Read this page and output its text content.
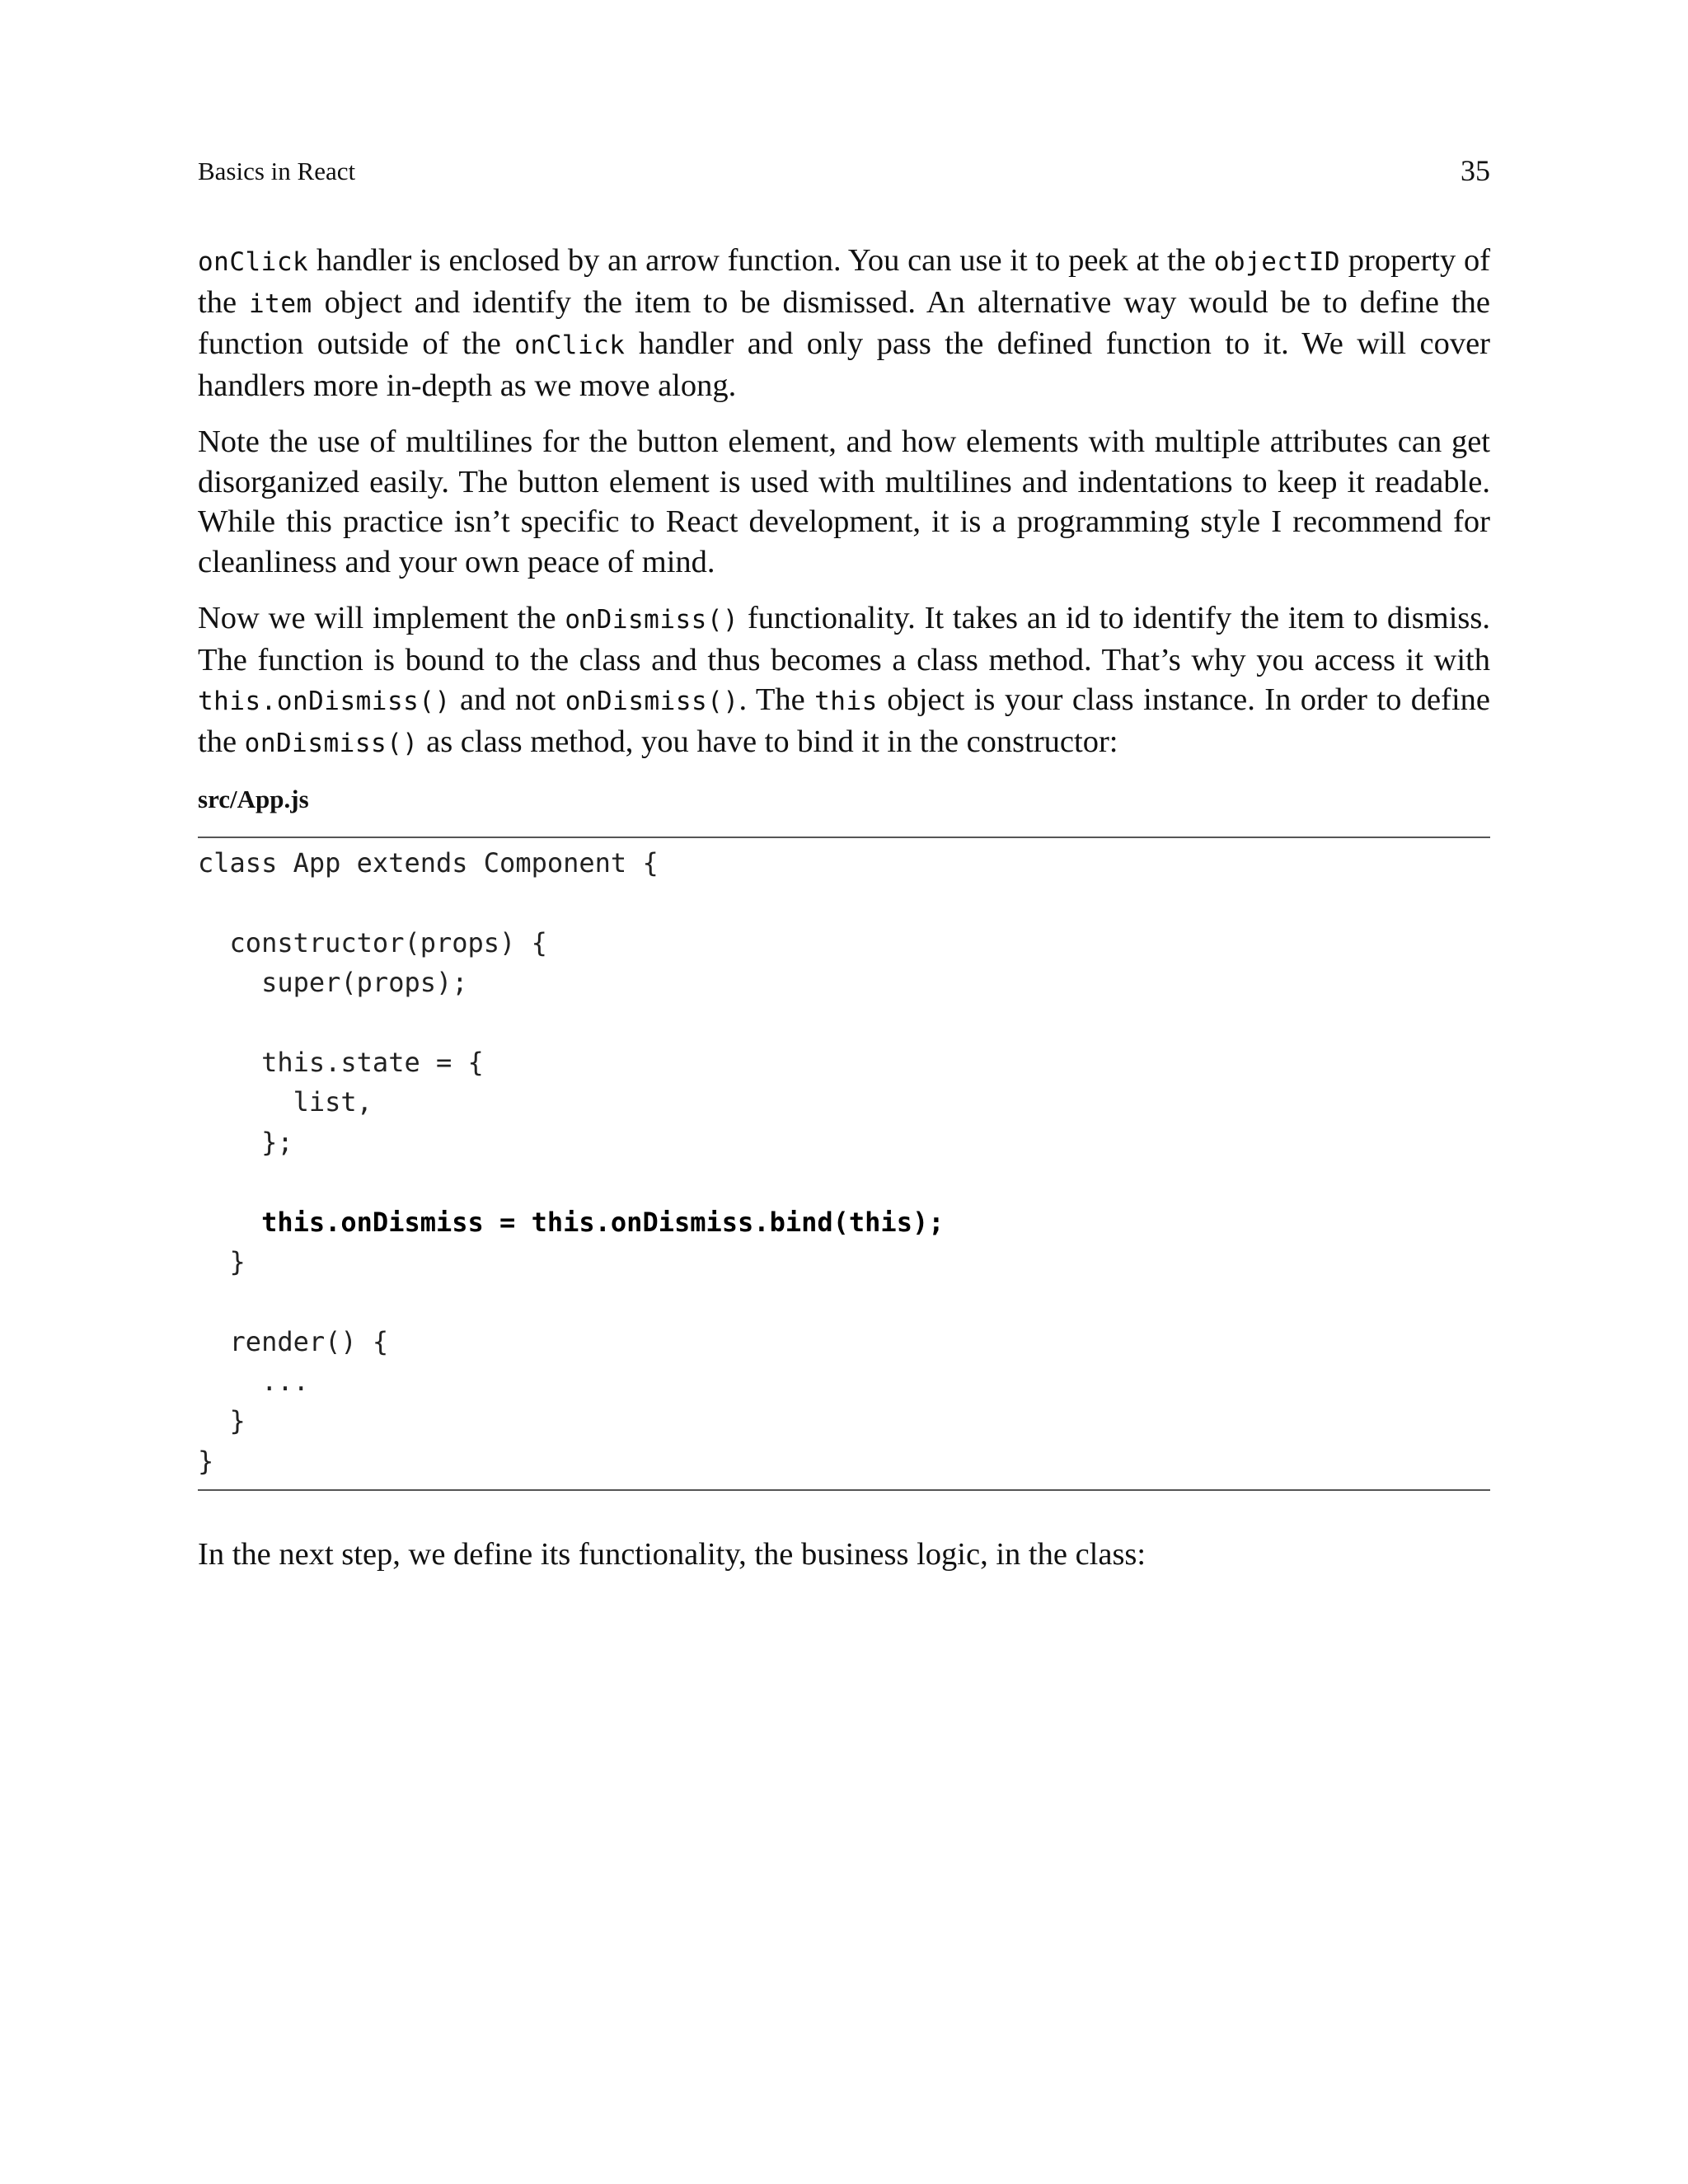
Basics in React	35

onClick handler is enclosed by an arrow function. You can use it to peek at the objectID property of the item object and identify the item to be dismissed. An alternative way would be to define the function outside of the onClick handler and only pass the defined function to it. We will cover handlers more in-depth as we move along.

Note the use of multilines for the button element, and how elements with multiple attributes can get disorganized easily. The button element is used with multilines and indentations to keep it readable. While this practice isn’t specific to React development, it is a programming style I recommend for cleanliness and your own peace of mind.

Now we will implement the onDismiss() functionality. It takes an id to identify the item to dismiss. The function is bound to the class and thus becomes a class method. That’s why you access it with this.onDismiss() and not onDismiss(). The this object is your class instance. In order to define the onDismiss() as class method, you have to bind it in the constructor:

src/App.js
class App extends Component {
constructor(props) {
super(props);
this.state = {
list,
};
this.onDismiss = this.onDismiss.bind(this);
}
render() {
...
}
}
In the next step, we define its functionality, the business logic, in the class:
